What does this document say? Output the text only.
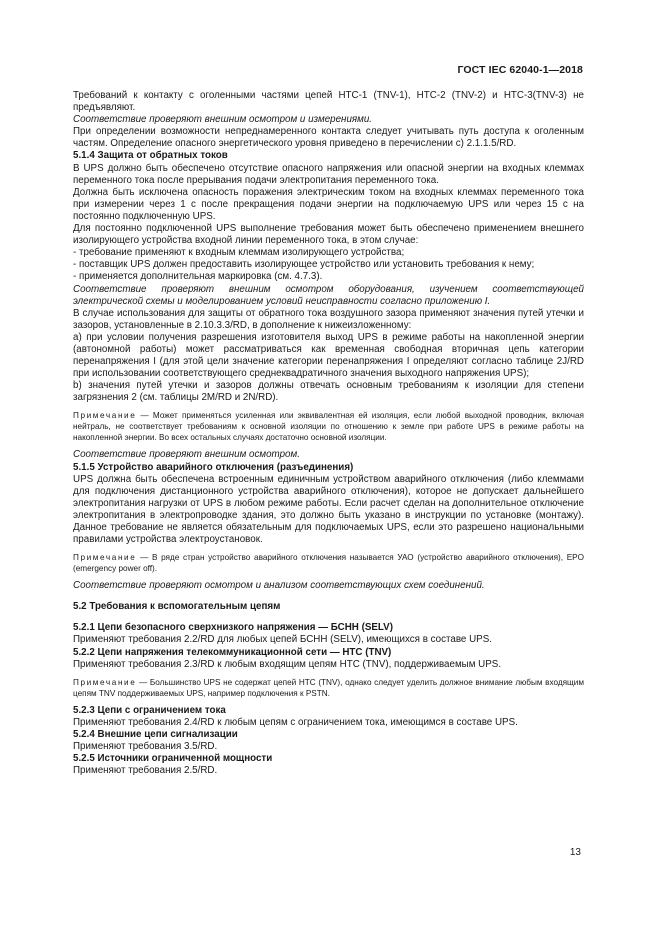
ГОСТ IEC 62040-1—2018

Требований к контакту с оголенными частями цепей НТС-1 (TNV-1), НТС-2 (TNV-2) и НТС-3(TNV-3) не предъявляют.

Соответствие проверяют внешним осмотром и измерениями.

При определении возможности непреднамеренного контакта следует учитывать путь доступа к оголенным частям. Определение опасного энергетического уровня приведено в перечислении с) 2.1.1.5/RD.

5.1.4 Защита от обратных токов

В UPS должно быть обеспечено отсутствие опасного напряжения или опасной энергии на входных клеммах переменного тока после прерывания подачи электропитания переменного тока.

Должна быть исключена опасность поражения электрическим током на входных клеммах переменного тока при измерении через 1 с после прекращения подачи энергии на подключаемую UPS или через 15 с на постоянно подключенную UPS.

Для постоянно подключенной UPS выполнение требования может быть обеспечено применением внешнего изолирующего устройства входной линии переменного тока, в этом случае:

- требование применяют к входным клеммам изолирующего устройства;

- поставщик UPS должен предоставить изолирующее устройство или установить требования к нему;

- применяется дополнительная маркировка (см. 4.7.3).

Соответствие проверяют внешним осмотром оборудования, изучением соответствующей электрической схемы и моделированием условий неисправности согласно приложению I.

В случае использования для защиты от обратного тока воздушного зазора применяют значения путей утечки и зазоров, установленные в 2.10.3.3/RD, в дополнение к нижеизложенному:

а) при условии получения разрешения изготовителя выход UPS в режиме работы на накопленной энергии (автономной работы) может рассматриваться как временная свободная вторичная цепь категории перенапряжения I (для этой цели значение категории перенапряжения I определяют согласно таблице 2J/RD при использовании соответствующего среднеквадратичного значения выходного напряжения UPS);

b) значения путей утечки и зазоров должны отвечать основным требованиям к изоляции для степени загрязнения 2 (см. таблицы 2M/RD и 2N/RD).

Примечание — Может применяться усиленная или эквивалентная ей изоляция, если любой выходной проводник, включая нейтраль, не соответствует требованиям к основной изоляции по отношению к земле при работе UPS в режиме работы на накопленной энергии. Во всех остальных случаях достаточно основной изоляции.

Соответствие проверяют внешним осмотром.

5.1.5 Устройство аварийного отключения (разъединения)

UPS должна быть обеспечена встроенным единичным устройством аварийного отключения (либо клеммами для подключения дистанционного устройства аварийного отключения), которое не допускает дальнейшего электропитания нагрузки от UPS в любом режиме работы. Если расчет сделан на дополнительное отключение электропитания в электропроводке здания, это должно быть указано в инструкции по установке (монтажу). Данное требование не является обязательным для подключаемых UPS, если это разрешено национальными правилами устройства электроустановок.

Примечание — В ряде стран устройство аварийного отключения называется УАО (устройство аварийного отключения), EPO (emergency power off).

Соответствие проверяют осмотром и анализом соответствующих схем соединений.

5.2 Требования к вспомогательным цепям

5.2.1 Цепи безопасного сверхнизкого напряжения — БСНН (SELV)

Применяют требования 2.2/RD для любых цепей БСНН (SELV), имеющихся в составе UPS.

5.2.2 Цепи напряжения телекоммуникационной сети — НТС (TNV)

Применяют требования 2.3/RD к любым входящим цепям НТС (TNV), поддерживаемым UPS.

Примечание — Большинство UPS не содержат цепей НТС (TNV), однако следует уделить должное внимание любым входящим цепям TNV поддерживаемых UPS, например подключения к PSTN.

5.2.3 Цепи с ограничением тока

Применяют требования 2.4/RD к любым цепям с ограничением тока, имеющимся в составе UPS.

5.2.4 Внешние цепи сигнализации

Применяют требования 3.5/RD.

5.2.5 Источники ограниченной мощности

Применяют требования 2.5/RD.

13
